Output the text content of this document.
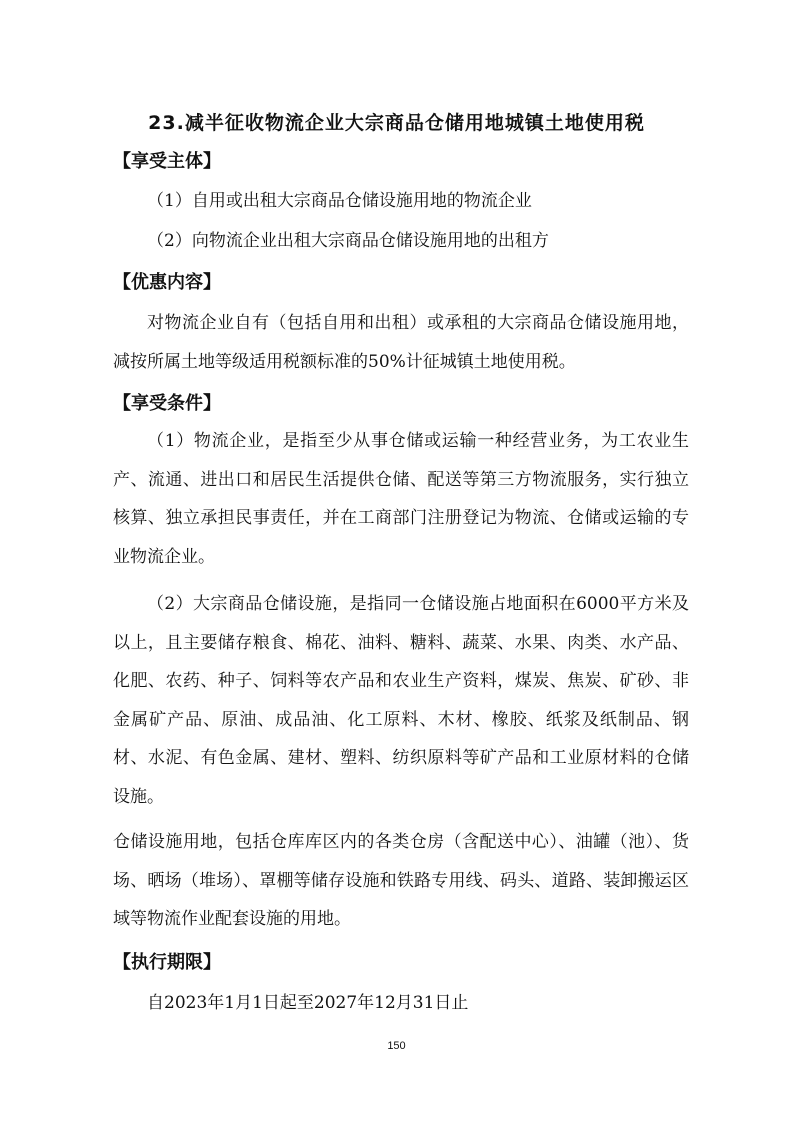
23.减半征收物流企业大宗商品仓储用地城镇土地使用税
【享受主体】

（1）自用或出租大宗商品仓储设施用地的物流企业

（2）向物流企业出租大宗商品仓储设施用地的出租方

【优惠内容】

对物流企业自有（包括自用和出租）或承租的大宗商品仓储设施用地，减按所属土地等级适用税额标准的50%计征城镇土地使用税。

【享受条件】

（1）物流企业，是指至少从事仓储或运输一种经营业务，为工农业生产、流通、进出口和居民生活提供仓储、配送等第三方物流服务，实行独立核算、独立承担民事责任，并在工商部门注册登记为物流、仓储或运输的专业物流企业。

（2）大宗商品仓储设施，是指同一仓储设施占地面积在6000平方米及以上，且主要储存粮食、棉花、油料、糖料、蔬菜、水果、肉类、水产品、化肥、农药、种子、饲料等农产品和农业生产资料，煤炭、焦炭、矿砂、非金属矿产品、原油、成品油、化工原料、木材、橡胶、纸浆及纸制品、钢材、水泥、有色金属、建材、塑料、纺织原料等矿产品和工业原材料的仓储设施。

仓储设施用地，包括仓库库区内的各类仓房（含配送中心）、油罐（池）、货场、晒场（堆场）、罩棚等储存设施和铁路专用线、码头、道路、装卸搬运区域等物流作业配套设施的用地。

【执行期限】

自2023年1月1日起至2027年12月31日止

150
